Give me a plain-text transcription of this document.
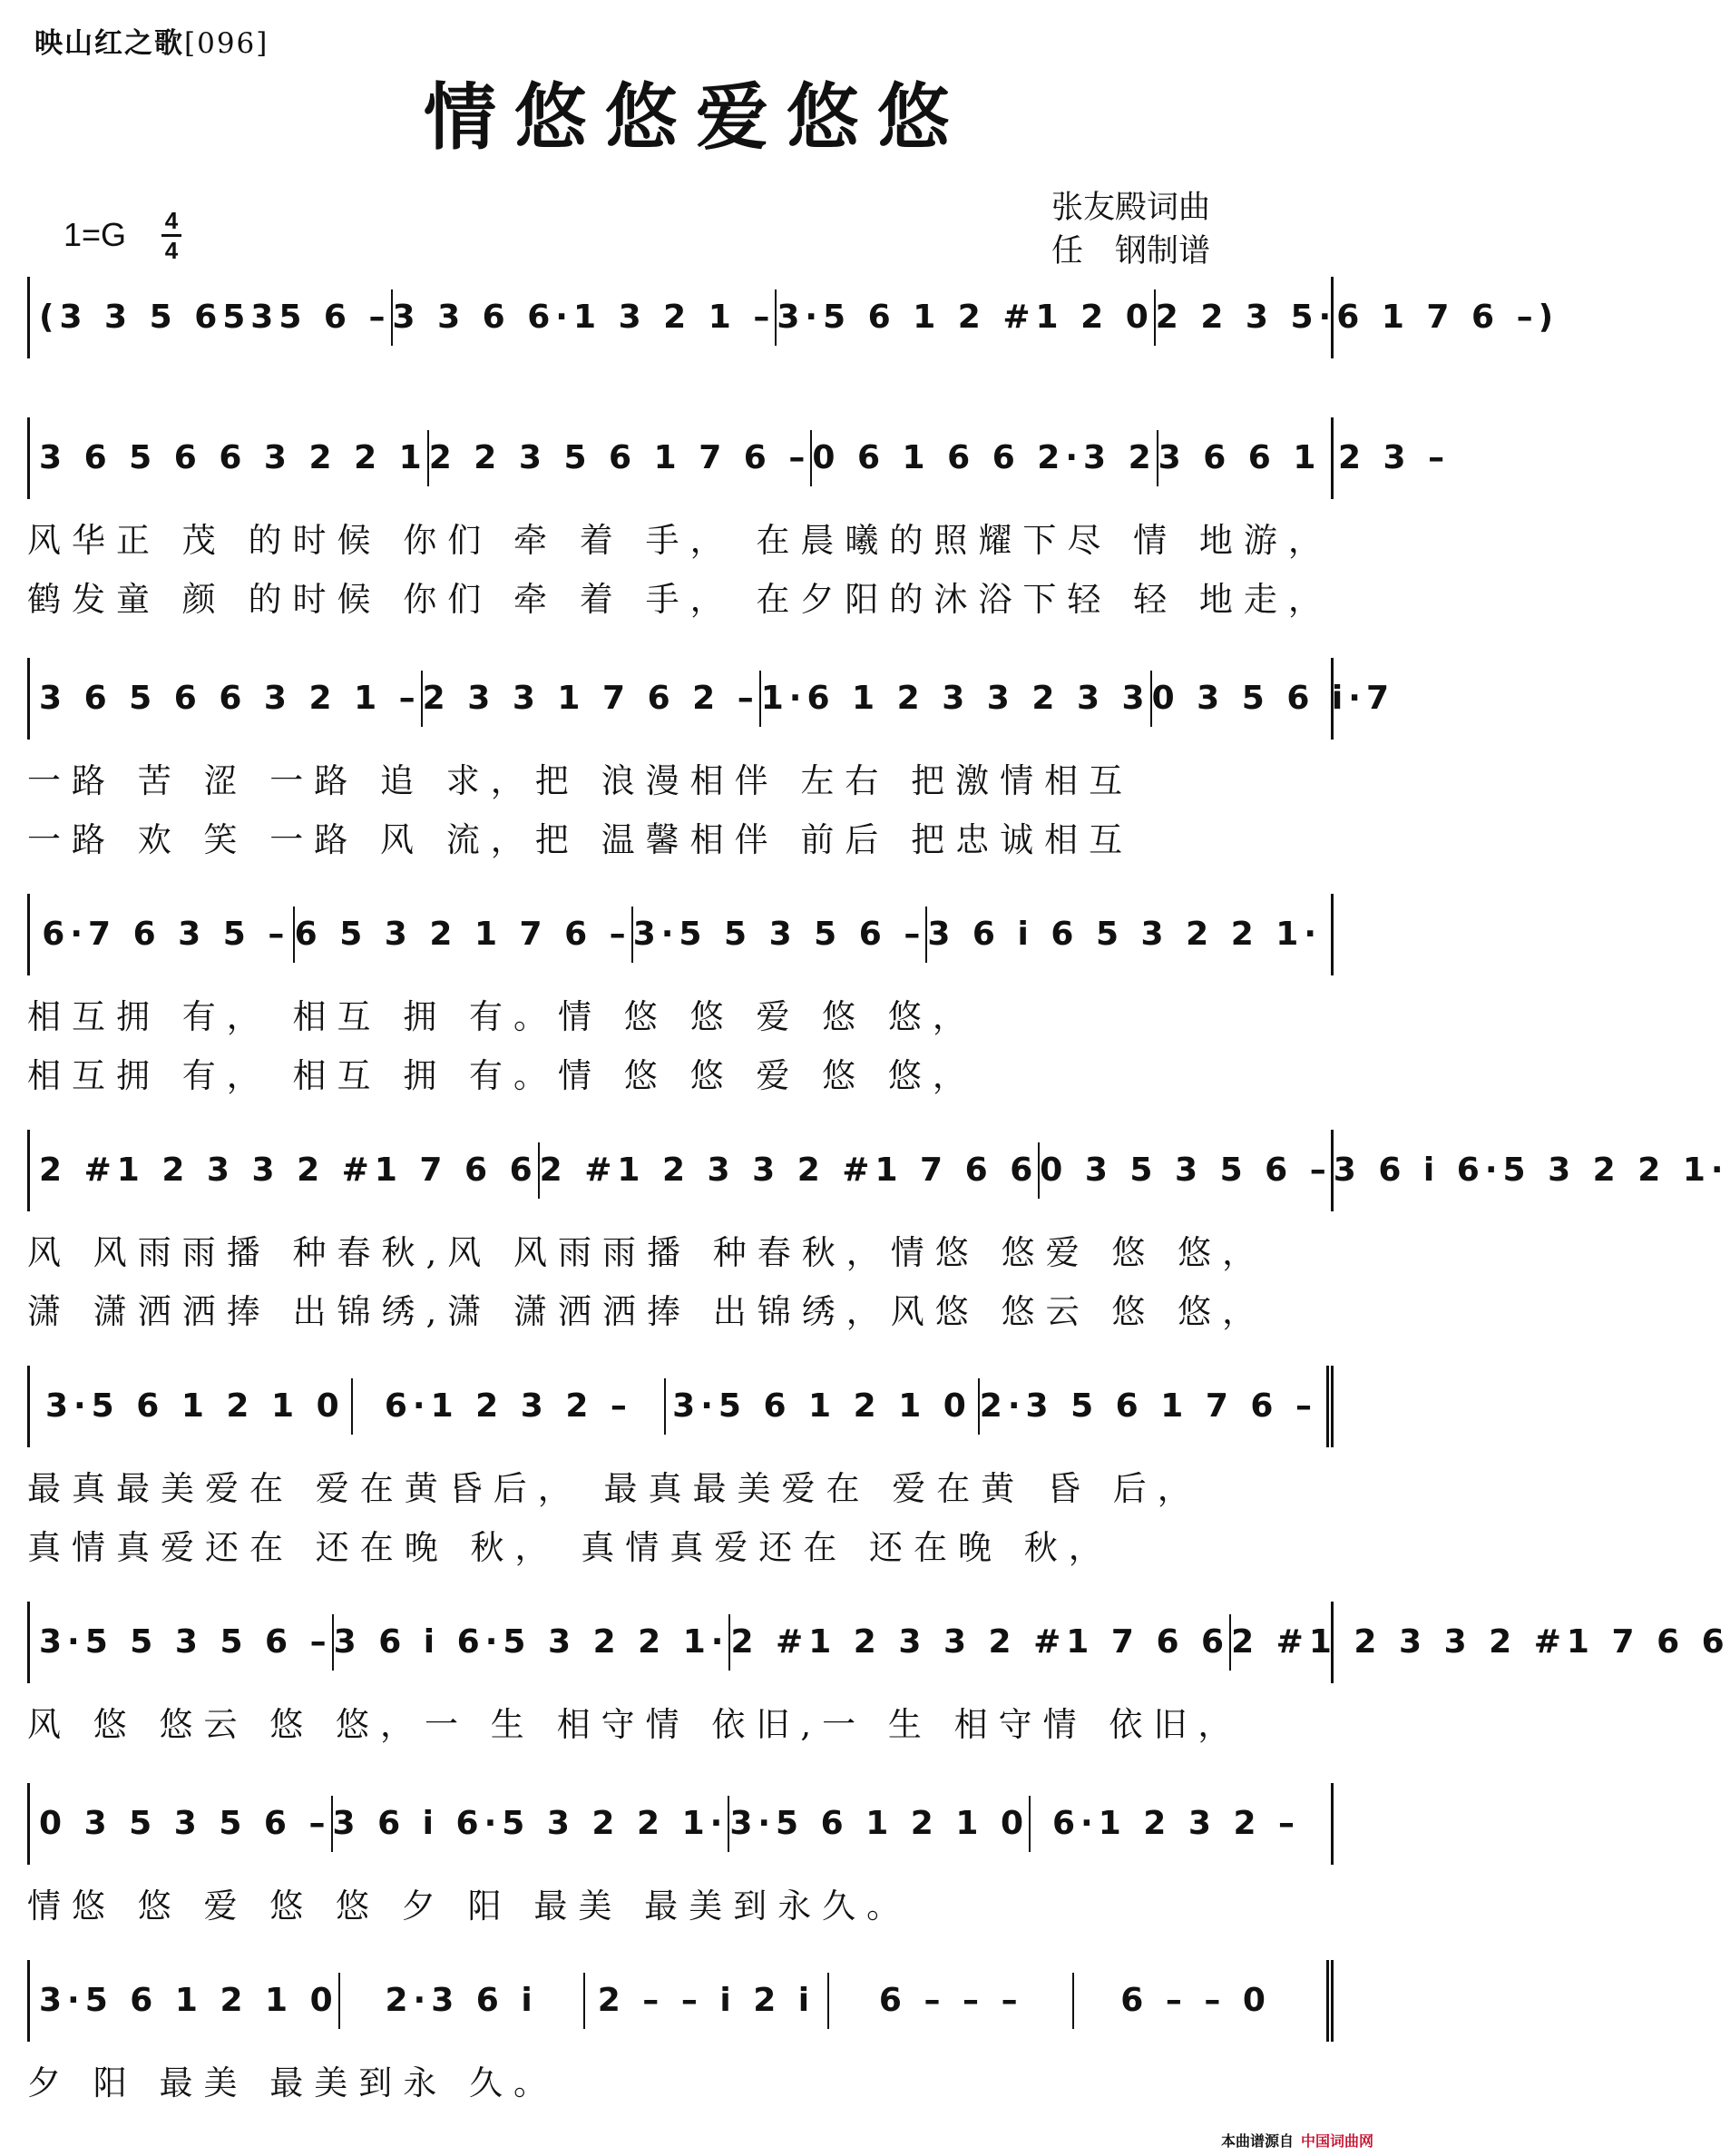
映山红之歌[096]
情悠悠爱悠悠
张友殿词曲
任　钢制谱
1=G 4
4
(3 3 5 6535 6 – 3 3 6 6·1 3 2 1 – 3·5 6 1 2 #1 2 0 2 2 3 5·6 1 7 6 –)
3 6 5 6 6 3 2 2 1 2 2 3 5 6 1 7 6 – 0 6 1 6 6 2·3 2 3 6 6 1 2 3 –
风华正 茂 的时候 你们 牵 着 手， 在晨曦的照耀下尽 情 地游，
鹤发童 颜 的时候 你们 牵 着 手， 在夕阳的沐浴下轻 轻 地走，
3 6 5 6 6 3 2 1 – 2 3 3 1 7 6 2 – 1·6 1 2 3 3 2 3 3 0 3 5 6 i·7
一路 苦 涩 一路 追 求，把 浪漫相伴 左右 把激情相互
一路 欢 笑 一路 风 流，把 温馨相伴 前后 把忠诚相互
6·7 6 3 5 – 6 5 3 2 1 7 6 – 3·5 5 3 5 6 – 3 6 i 6 5 3 2 2 1·
相互拥 有， 相互 拥 有。情 悠 悠 爱 悠 悠，
相互拥 有， 相互 拥 有。情 悠 悠 爱 悠 悠，
2 #1 2 3 3 2 #1 7 6 6 2 #1 2 3 3 2 #1 7 6 6 0 3 5 3 5 6 – 3 6 i 6·5 3 2 2 1·
风 风雨雨播 种春秋,风 风雨雨播 种春秋，情悠 悠爱 悠 悠，
潇 潇洒洒捧 出锦绣,潇 潇洒洒捧 出锦绣，风悠 悠云 悠 悠，
3·5 6 1 2 1 0	6·1 2 3 2 –	3·5 6 1 2 1 0 2·3 5 6 1 7 6 –
最真最美爱在 爱在黄昏后， 最真最美爱在 爱在黄 昏 后，
真情真爱还在 还在晚 秋， 真情真爱还在 还在晚 秋，
3·5 5 3 5 6 – 3 6 i 6·5 3 2 2 1· 2 #1 2 3 3 2 #1 7 6 6 2 #1 2 3 3 2 #1 7 6 6
风 悠 悠云 悠 悠，一 生 相守情 依旧,一 生 相守情 依旧，
0 3 5 3 5 6 – 3 6 i 6·5 3 2 2 1· 3·5 6 1 2 1 0 6·1 2 3 2 –
情悠 悠 爱 悠 悠 夕 阳 最美 最美到永久。
3·5 6 1 2 1 0	2·3 6 i	2 – – i 2 i	6 – – –	6 – – 0
夕 阳 最美 最美到永 久。
本曲谱源自 中国词曲网
